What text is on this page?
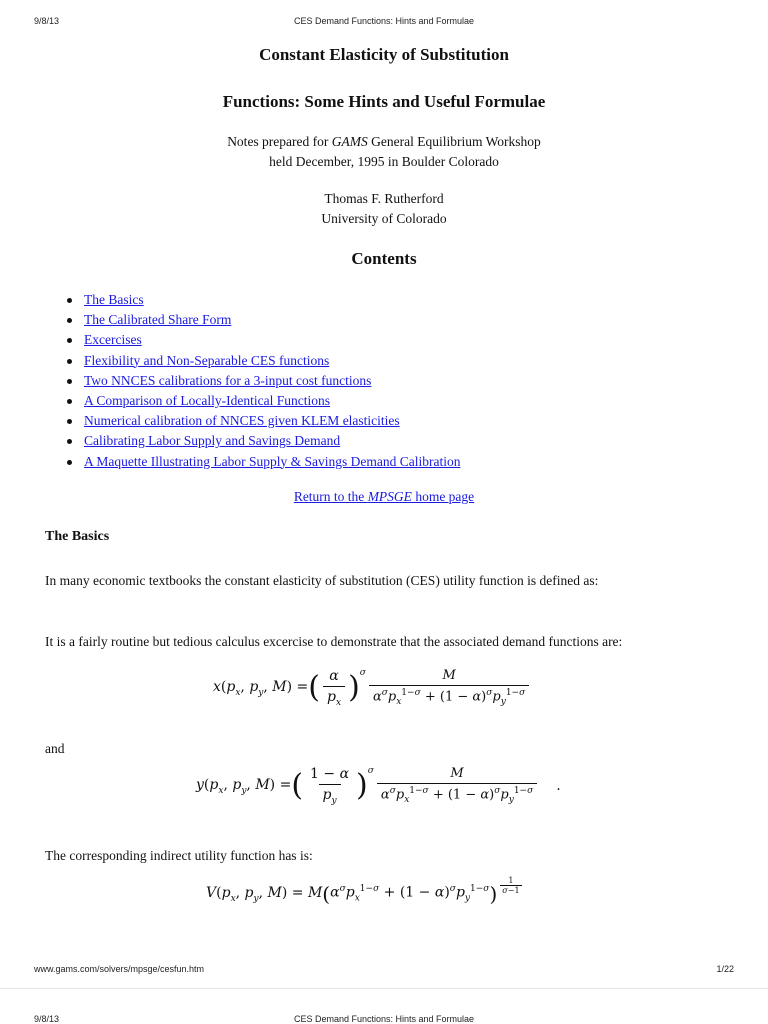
9/8/13	CES Demand Functions: Hints and Formulae
Constant Elasticity of Substitution
Functions: Some Hints and Useful Formulae
Notes prepared for GAMS General Equilibrium Workshop
held December, 1995 in Boulder Colorado
Thomas F. Rutherford
University of Colorado
Contents
The Basics
The Calibrated Share Form
Excercises
Flexibility and Non-Separable CES functions
Two NNCES calibrations for a 3-input cost functions
A Comparison of Locally-Identical Functions
Numerical calibration of NNCES given KLEM elasticities
Calibrating Labor Supply and Savings Demand
A Maquette Illustrating Labor Supply & Savings Demand Calibration
Return to the MPSGE home page
The Basics
In many economic textbooks the constant elasticity of substitution (CES) utility function is defined as:
It is a fairly routine but tedious calculus excercise to demonstrate that the associated demand functions are:
$x(p_x$, $p_y$, M) = ( $\frac{\alpha}{p_x}$ ) $^\sigma \frac{M}{\alpha^\sigma p_x^{1-\sigma} + (1 - \alpha)^\sigma p_y^{1-\sigma}}$
and
$y(p_x$, $p_y$, M) = ( $\frac{1 - \alpha}{p_y}$ ) $^\sigma \frac{M}{\alpha^\sigma p_x^{1-\sigma} + (1 - \alpha)^\sigma p_y^{1-\sigma}}$ .
The corresponding indirect utility function has is:
$V(p_x$, $p_y$, M) = M ( $\alpha^\sigma p_x^{1-\sigma} + (1 - \alpha)^\sigma p_y^{1-\sigma}$ ) $\frac{1}{\sigma-1}$
www.gams.com/solvers/mpsge/cesfun.htm	1/22
9/8/13	CES Demand Functions: Hints and Formulae
